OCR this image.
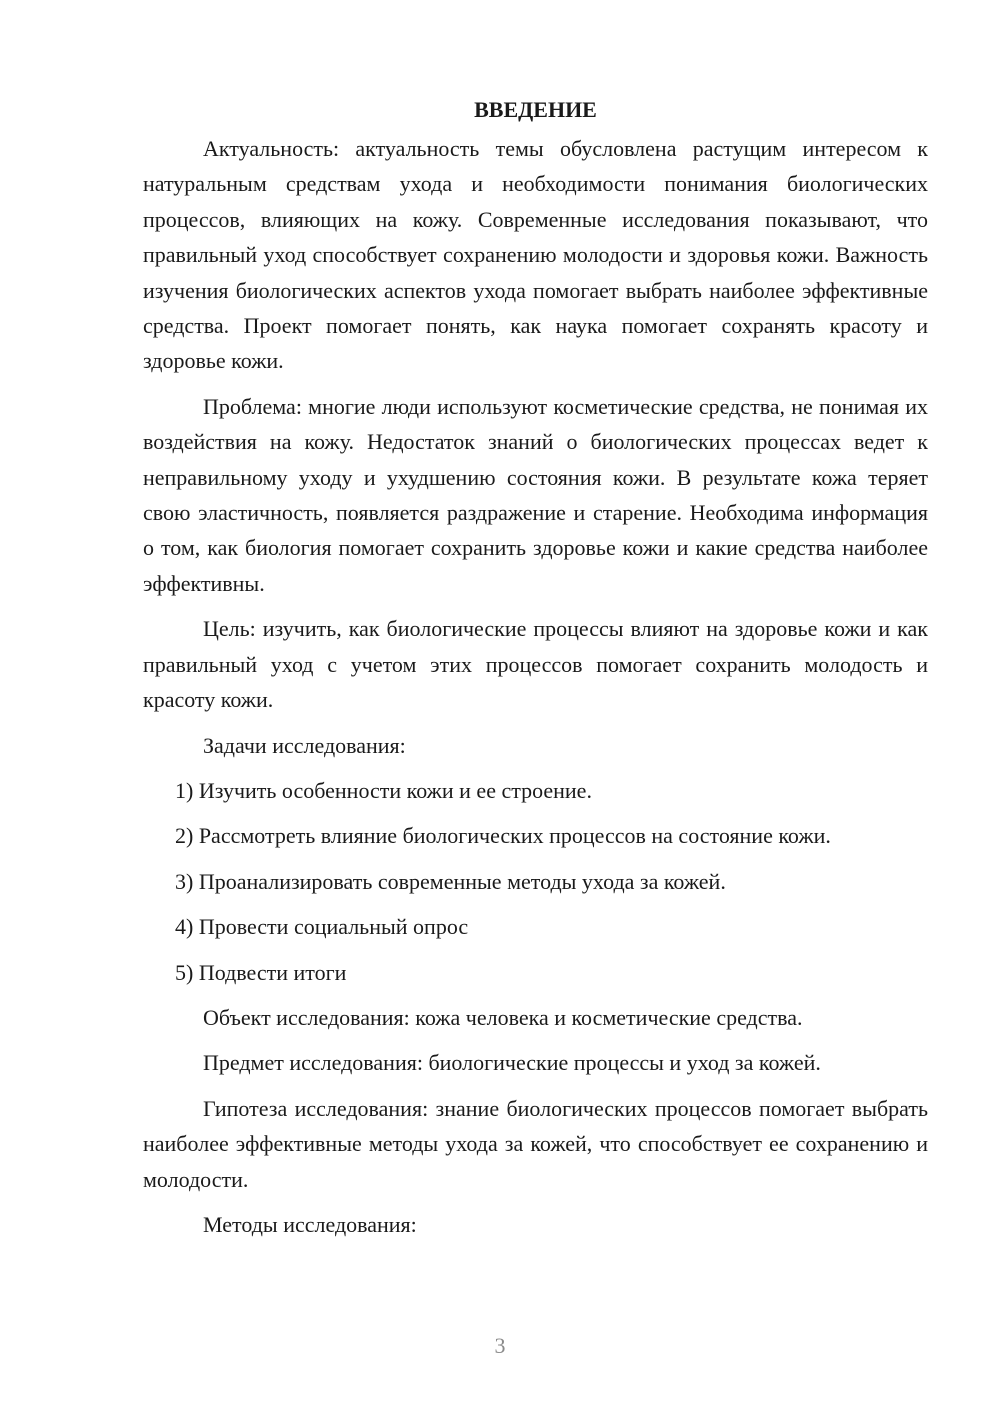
ВВЕДЕНИЕ

Актуальность: актуальность темы обусловлена растущим интересом к натуральным средствам ухода и необходимости понимания биологических процессов, влияющих на кожу. Современные исследования показывают, что правильный уход способствует сохранению молодости и здоровья кожи. Важность изучения биологических аспектов ухода помогает выбрать наиболее эффективные средства. Проект помогает понять, как наука помогает сохранять красоту и здоровье кожи.

Проблема: многие люди используют косметические средства, не понимая их воздействия на кожу. Недостаток знаний о биологических процессах ведет к неправильному уходу и ухудшению состояния кожи. В результате кожа теряет свою эластичность, появляется раздражение и старение. Необходима информация о том, как биология помогает сохранить здоровье кожи и какие средства наиболее эффективны.

Цель: изучить, как биологические процессы влияют на здоровье кожи и как правильный уход с учетом этих процессов помогает сохранить молодость и красоту кожи.

Задачи исследования:

1) Изучить особенности кожи и ее строение.

2) Рассмотреть влияние биологических процессов на состояние кожи.

3) Проанализировать современные методы ухода за кожей.

4) Провести социальный опрос

5) Подвести итоги

Объект исследования: кожа человека и косметические средства.

Предмет исследования: биологические процессы и уход за кожей.

Гипотеза исследования: знание биологических процессов помогает выбрать наиболее эффективные методы ухода за кожей, что способствует ее сохранению и молодости.

Методы исследования:

3
